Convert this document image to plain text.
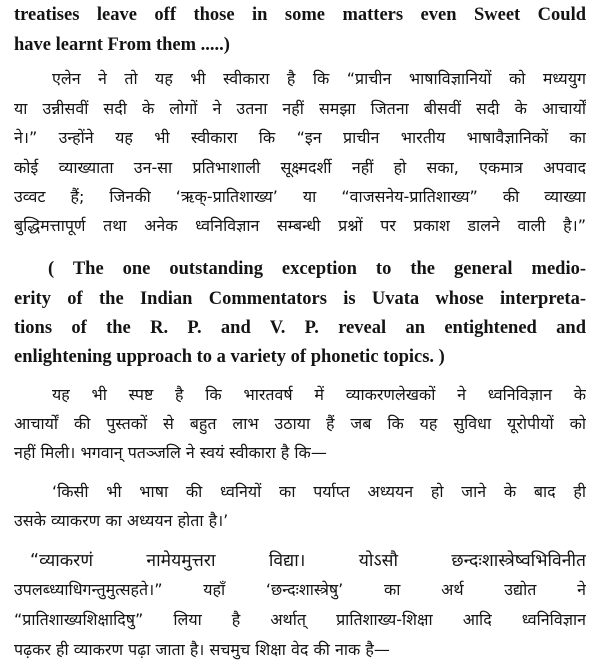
treatises leave off those in some matters even Sweet Could
have learnt From them .....)
एलेन ने तो यह भी स्वीकारा है कि “प्राचीन भाषाविज्ञानियों को मध्ययुग
या उन्नीसवीं सदी के लोगों ने उतना नहीं समझा जितना बीसवीं सदी के आचार्यों
ने।” उन्होंने यह भी स्वीकारा कि “इन प्राचीन भारतीय भाषावैज्ञानिकों का
कोई व्याख्याता उन-सा प्रतिभाशाली सूक्ष्मदर्शी नहीं हो सका, एकमात्र अपवाद
उव्वट हैं; जिनकी ‘ऋक्-प्रातिशाख्य’ या “वाजसनेय-प्रातिशाख्य” की व्याख्या
बुद्धिमत्तापूर्ण तथा अनेक ध्वनिविज्ञान सम्बन्धी प्रश्नों पर प्रकाश डालने वाली है।”
( The one outstanding exception to the general medio-
erity of the Indian Commentators is Uvata whose interpreta-
tions of the R. P. and V. P. reveal an entightened and
enlightening upproach to a variety of phonetic topics. )
यह भी स्पष्ट है कि भारतवर्ष में व्याकरणलेखकों ने ध्वनिविज्ञान के
आचार्यों की पुस्तकों से बहुत लाभ उठाया हैं जब कि यह सुविधा यूरोपीयों को
नहीं मिली। भगवान् पतञ्जलि ने स्वयं स्वीकारा है कि—
‘किसी भी भाषा की ध्वनियों का पर्याप्त अध्ययन हो जाने के बाद ही
उसके व्याकरण का अध्ययन होता है।’
“व्याकरणं नामेयमुत्तरा विद्या। योऽसौ छन्दःशास्त्रेष्वभिविनीत
उपलब्ध्याधिगन्तुमुत्सहते।” यहाँ ‘छन्दःशास्त्रेषु’ का अर्थ उद्योत ने
“प्रातिशाख्यशिक्षादिषु” लिया है अर्थात् प्रातिशाख्य-शिक्षा आदि ध्वनिविज्ञान
पढ़कर ही व्याकरण पढ़ा जाता है। सचमुच शिक्षा वेद की नाक है—
